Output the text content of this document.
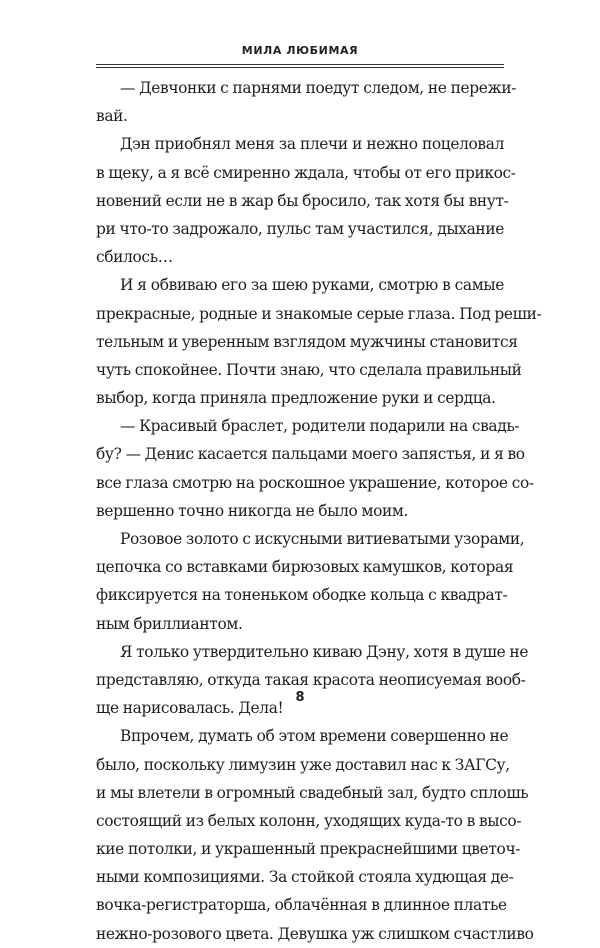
МИЛА ЛЮБИМАЯ
— Девчонки с парнями поедут следом, не пережи-
вай.
Дэн приобнял меня за плечи и нежно поцеловал
в щеку, а я всё смиренно ждала, чтобы от его прикос-
новений если не в жар бы бросило, так хотя бы внут-
ри что-то задрожало, пульс там участился, дыхание
сбилось…
И я обвиваю его за шею руками, смотрю в самые
прекрасные, родные и знакомые серые глаза. Под реши-
тельным и уверенным взглядом мужчины становится
чуть спокойнее. Почти знаю, что сделала правильный
выбор, когда приняла предложение руки и сердца.
— Красивый браслет, родители подарили на свадь-
бу? — Денис касается пальцами моего запястья, и я во
все глаза смотрю на роскошное украшение, которое со-
вершенно точно никогда не было моим.
Розовое золото с искусными витиеватыми узорами,
цепочка со вставками бирюзовых камушков, которая
фиксируется на тоненьком ободке кольца с квадрат-
ным бриллиантом.
Я только утвердительно киваю Дэну, хотя в душе не
представляю, откуда такая красота неописуемая вооб-
ще нарисовалась. Дела!
Впрочем, думать об этом времени совершенно не
было, поскольку лимузин уже доставил нас к ЗАГСу,
и мы влетели в огромный свадебный зал, будто сплошь
состоящий из белых колонн, уходящих куда-то в высо-
кие потолки, и украшенный прекраснейшими цветоч-
ными композициями. За стойкой стояла худющая де-
вочка-регистраторша, облачённая в длинное платье
нежно-розового цвета. Девушка уж слишком счастливо
8
